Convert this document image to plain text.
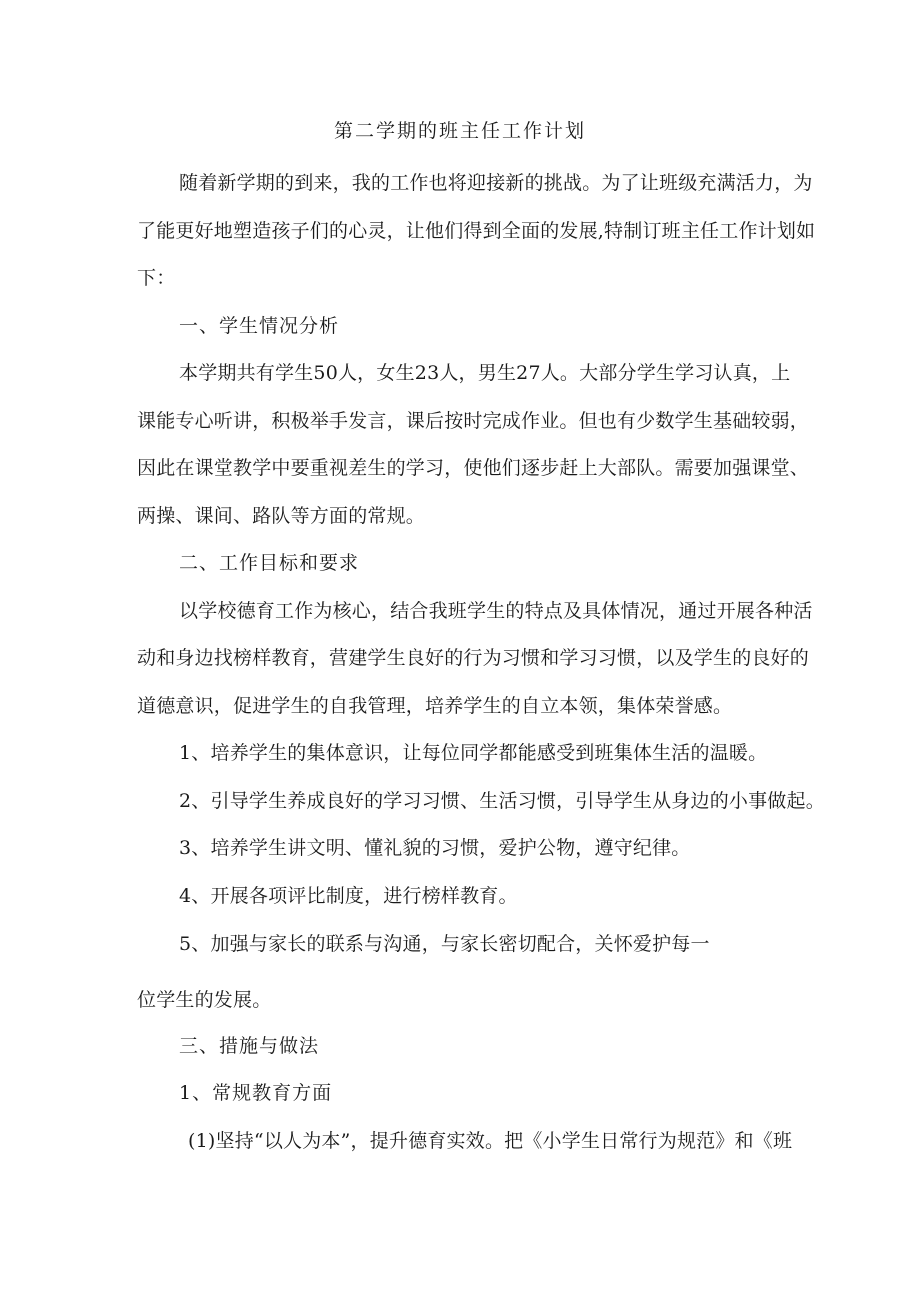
第二学期的班主任工作计划
随着新学期的到来，我的工作也将迎接新的挑战。为了让班级充满活力，为
了能更好地塑造孩子们的心灵，让他们得到全面的发展,特制订班主任工作计划如
下：
一、学生情况分析
本学期共有学生50人，女生23人，男生27人。大部分学生学习认真，上
课能专心听讲，积极举手发言，课后按时完成作业。但也有少数学生基础较弱，
因此在课堂教学中要重视差生的学习，使他们逐步赶上大部队。需要加强课堂、
两操、课间、路队等方面的常规。
二、工作目标和要求
以学校德育工作为核心，结合我班学生的特点及具体情况，通过开展各种活
动和身边找榜样教育，营建学生良好的行为习惯和学习习惯，以及学生的良好的
道德意识，促进学生的自我管理，培养学生的自立本领，集体荣誉感。
1、培养学生的集体意识，让每位同学都能感受到班集体生活的温暖。
2、引导学生养成良好的学习习惯、生活习惯，引导学生从身边的小事做起。
3、培养学生讲文明、懂礼貌的习惯，爱护公物，遵守纪律。
4、开展各项评比制度，进行榜样教育。
5、加强与家长的联系与沟通，与家长密切配合，关怀爱护每一
位学生的发展。
三、措施与做法
1、常规教育方面
(1)坚持“以人为本”，提升德育实效。把《小学生日常行为规范》和《班
